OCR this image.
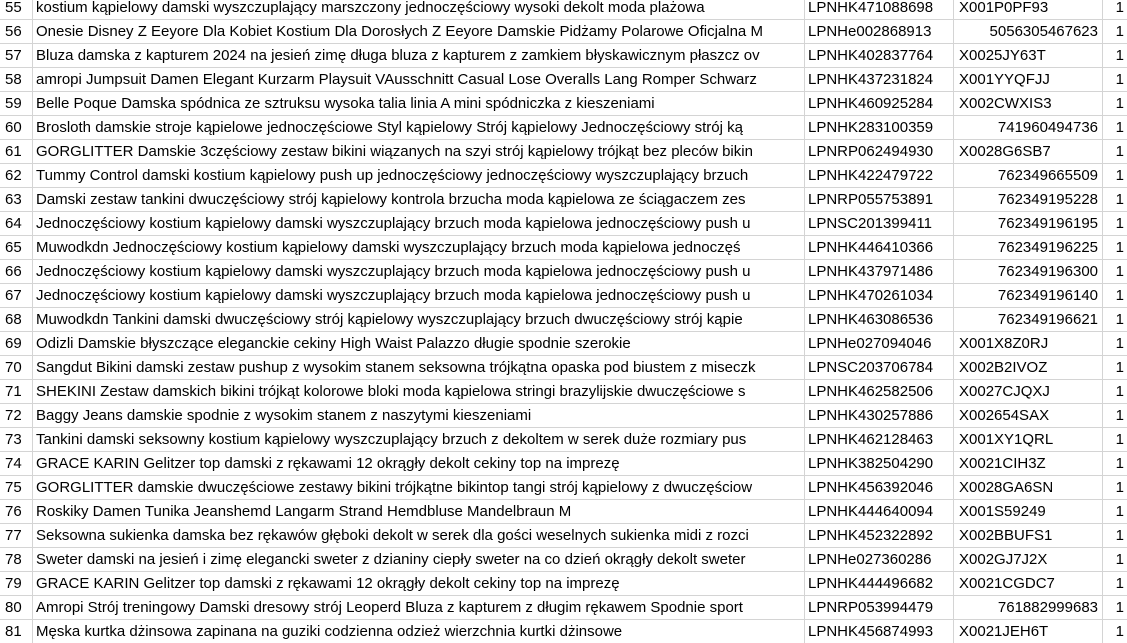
55 kostium kąpielowy damski wyszczuplający marszczony jednoczęściowy wysoki dekolt moda plażowa	LPNHK471088698	X001P0PF93	1
56 Onesie Disney Z Eeyore Dla Kobiet Kostium Dla Dorosłych Z Eeyore Damskie Pidżamy Polarowe Oficjalna M	LPNHe002868913	5056305467623	1
57 Bluza damska z kapturem 2024 na jesień zimę długa bluza z kapturem z zamkiem błyskawicznym płaszcz ov	LPNHK402837764	X0025JY63T	1
58 amropi Jumpsuit Damen Elegant Kurzarm Playsuit VAusschnitt Casual Lose Overalls Lang Romper Schwarz	LPNHK437231824	X001YYQFJJ	1
59 Belle Poque Damska spódnica ze sztruksu wysoka talia linia A mini spódniczka z kieszeniami	LPNHK460925284	X002CWXIS3	1
60 Brosloth damskie stroje kąpielowe jednoczęściowe Styl kąpielowy Strój kąpielowy Jednoczęściowy strój ką	LPNHK283100359	741960494736	1
61 GORGLITTER Damskie 3częściowy zestaw bikini wiązanych na szyi strój kąpielowy trójkąt bez pleców bikin	LPNRP062494930	X0028G6SB7	1
62 Tummy Control damski kostium kąpielowy push up jednoczęściowy jednoczęściowy wyszczuplający brzuch	LPNHK422479722	762349665509	1
63 Damski zestaw tankini dwuczęściowy strój kąpielowy kontrola brzucha moda kąpielowa ze ściągaczem zes	LPNRP055753891	762349195228	1
64 Jednoczęściowy kostium kąpielowy damski wyszczuplający brzuch moda kąpielowa jednoczęściowy push u	LPNSC201399411	762349196195	1
65 Muwodkdn Jednoczęściowy kostium kąpielowy damski wyszczuplający brzuch moda kąpielowa jednoczęś	LPNHK446410366	762349196225	1
66 Jednoczęściowy kostium kąpielowy damski wyszczuplający brzuch moda kąpielowa jednoczęściowy push u	LPNHK437971486	762349196300	1
67 Jednoczęściowy kostium kąpielowy damski wyszczuplający brzuch moda kąpielowa jednoczęściowy push u	LPNHK470261034	762349196140	1
68 Muwodkdn Tankini damski dwuczęściowy strój kąpielowy wyszczuplający brzuch dwuczęściowy strój kąpie	LPNHK463086536	762349196621	1
69 Odizli Damskie błyszczące eleganckie cekiny High Waist Palazzo długie spodnie szerokie	LPNHe027094046	X001X8Z0RJ	1
70 Sangdut Bikini damski zestaw pushup z wysokim stanem seksowna trójkątna opaska pod biustem z miseczk	LPNSC203706784	X002B2IVOZ	1
71 SHEKINI Zestaw damskich bikini trójkąt kolorowe bloki moda kąpielowa stringi brazylijskie dwuczęściowe s	LPNHK462582506	X0027CJQXJ	1
72 Baggy Jeans damskie spodnie z wysokim stanem z naszytymi kieszeniami	LPNHK430257886	X002654SAX	1
73 Tankini damski seksowny kostium kąpielowy wyszczuplający brzuch z dekoltem w serek duże rozmiary pus	LPNHK462128463	X001XY1QRL	1
74 GRACE KARIN Gelitzer top damski z rękawami 12 okrągły dekolt cekiny top na imprezę	LPNHK382504290	X0021CIH3Z	1
75 GORGLITTER damskie dwuczęściowe zestawy bikini trójkątne bikintop tangi strój kąpielowy z dwuczęściow	LPNHK456392046	X0028GA6SN	1
76 Roskiky Damen Tunika Jeanshemd Langarm Strand Hemdbluse Mandelbraun M	LPNHK444640094	X001S59249	1
77 Seksowna sukienka damska bez rękawów głęboki dekolt w serek dla gości weselnych sukienka midi z rozci	LPNHK452322892	X002BBUFS1	1
78 Sweter damski na jesień i zimę elegancki sweter z dzianiny ciepły sweter na co dzień okrągły dekolt sweter	LPNHe027360286	X002GJ7J2X	1
79 GRACE KARIN Gelitzer top damski z rękawami 12 okrągły dekolt cekiny top na imprezę	LPNHK444496682	X0021CGDC7	1
80 Amropi Strój treningowy Damski dresowy strój Leoperd Bluza z kapturem z długim rękawem Spodnie sport	LPNRP053994479	761882999683	1
81 Męska kurtka dżinsowa zapinana na guziki codzienna odzież wierzchnia kurtki dżinsowe	LPNHK456874993	X0021JEH6T	1
